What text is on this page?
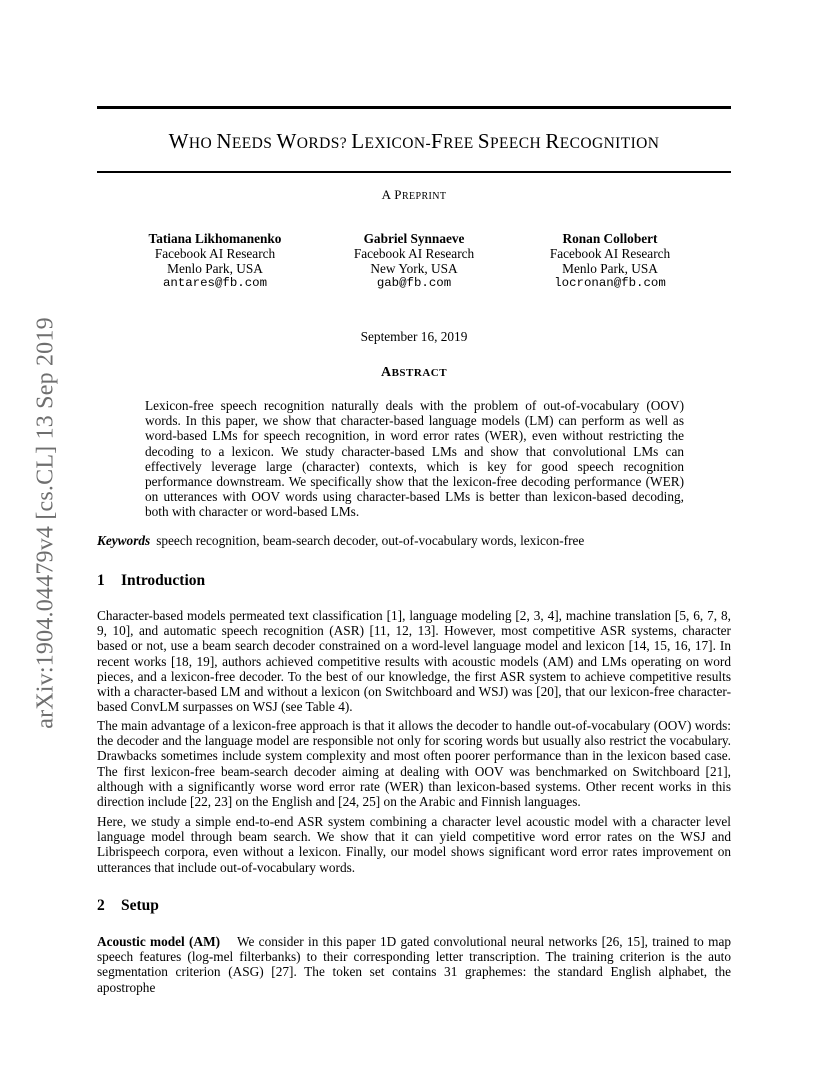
arXiv:1904.04479v4 [cs.CL] 13 Sep 2019
WHO NEEDS WORDS? LEXICON-FREE SPEECH RECOGNITION
A PREPRINT
Tatiana Likhomanenko
Facebook AI Research
Menlo Park, USA
antares@fb.com
Gabriel Synnaeve
Facebook AI Research
New York, USA
gab@fb.com
Ronan Collobert
Facebook AI Research
Menlo Park, USA
locronan@fb.com
September 16, 2019
ABSTRACT
Lexicon-free speech recognition naturally deals with the problem of out-of-vocabulary (OOV) words. In this paper, we show that character-based language models (LM) can perform as well as word-based LMs for speech recognition, in word error rates (WER), even without restricting the decoding to a lexicon. We study character-based LMs and show that convolutional LMs can effectively leverage large (character) contexts, which is key for good speech recognition performance downstream. We specifically show that the lexicon-free decoding performance (WER) on utterances with OOV words using character-based LMs is better than lexicon-based decoding, both with character or word-based LMs.
Keywords speech recognition, beam-search decoder, out-of-vocabulary words, lexicon-free
1 Introduction
Character-based models permeated text classification [1], language modeling [2, 3, 4], machine translation [5, 6, 7, 8, 9, 10], and automatic speech recognition (ASR) [11, 12, 13]. However, most competitive ASR systems, character based or not, use a beam search decoder constrained on a word-level language model and lexicon [14, 15, 16, 17]. In recent works [18, 19], authors achieved competitive results with acoustic models (AM) and LMs operating on word pieces, and a lexicon-free decoder. To the best of our knowledge, the first ASR system to achieve competitive results with a character-based LM and without a lexicon (on Switchboard and WSJ) was [20], that our lexicon-free character-based ConvLM surpasses on WSJ (see Table 4).
The main advantage of a lexicon-free approach is that it allows the decoder to handle out-of-vocabulary (OOV) words: the decoder and the language model are responsible not only for scoring words but usually also restrict the vocabulary. Drawbacks sometimes include system complexity and most often poorer performance than in the lexicon based case. The first lexicon-free beam-search decoder aiming at dealing with OOV was benchmarked on Switchboard [21], although with a significantly worse word error rate (WER) than lexicon-based systems. Other recent works in this direction include [22, 23] on the English and [24, 25] on the Arabic and Finnish languages.
Here, we study a simple end-to-end ASR system combining a character level acoustic model with a character level language model through beam search. We show that it can yield competitive word error rates on the WSJ and Librispeech corpora, even without a lexicon. Finally, our model shows significant word error rates improvement on utterances that include out-of-vocabulary words.
2 Setup
Acoustic model (AM) We consider in this paper 1D gated convolutional neural networks [26, 15], trained to map speech features (log-mel filterbanks) to their corresponding letter transcription. The training criterion is the auto segmentation criterion (ASG) [27]. The token set contains 31 graphemes: the standard English alphabet, the apostrophe
